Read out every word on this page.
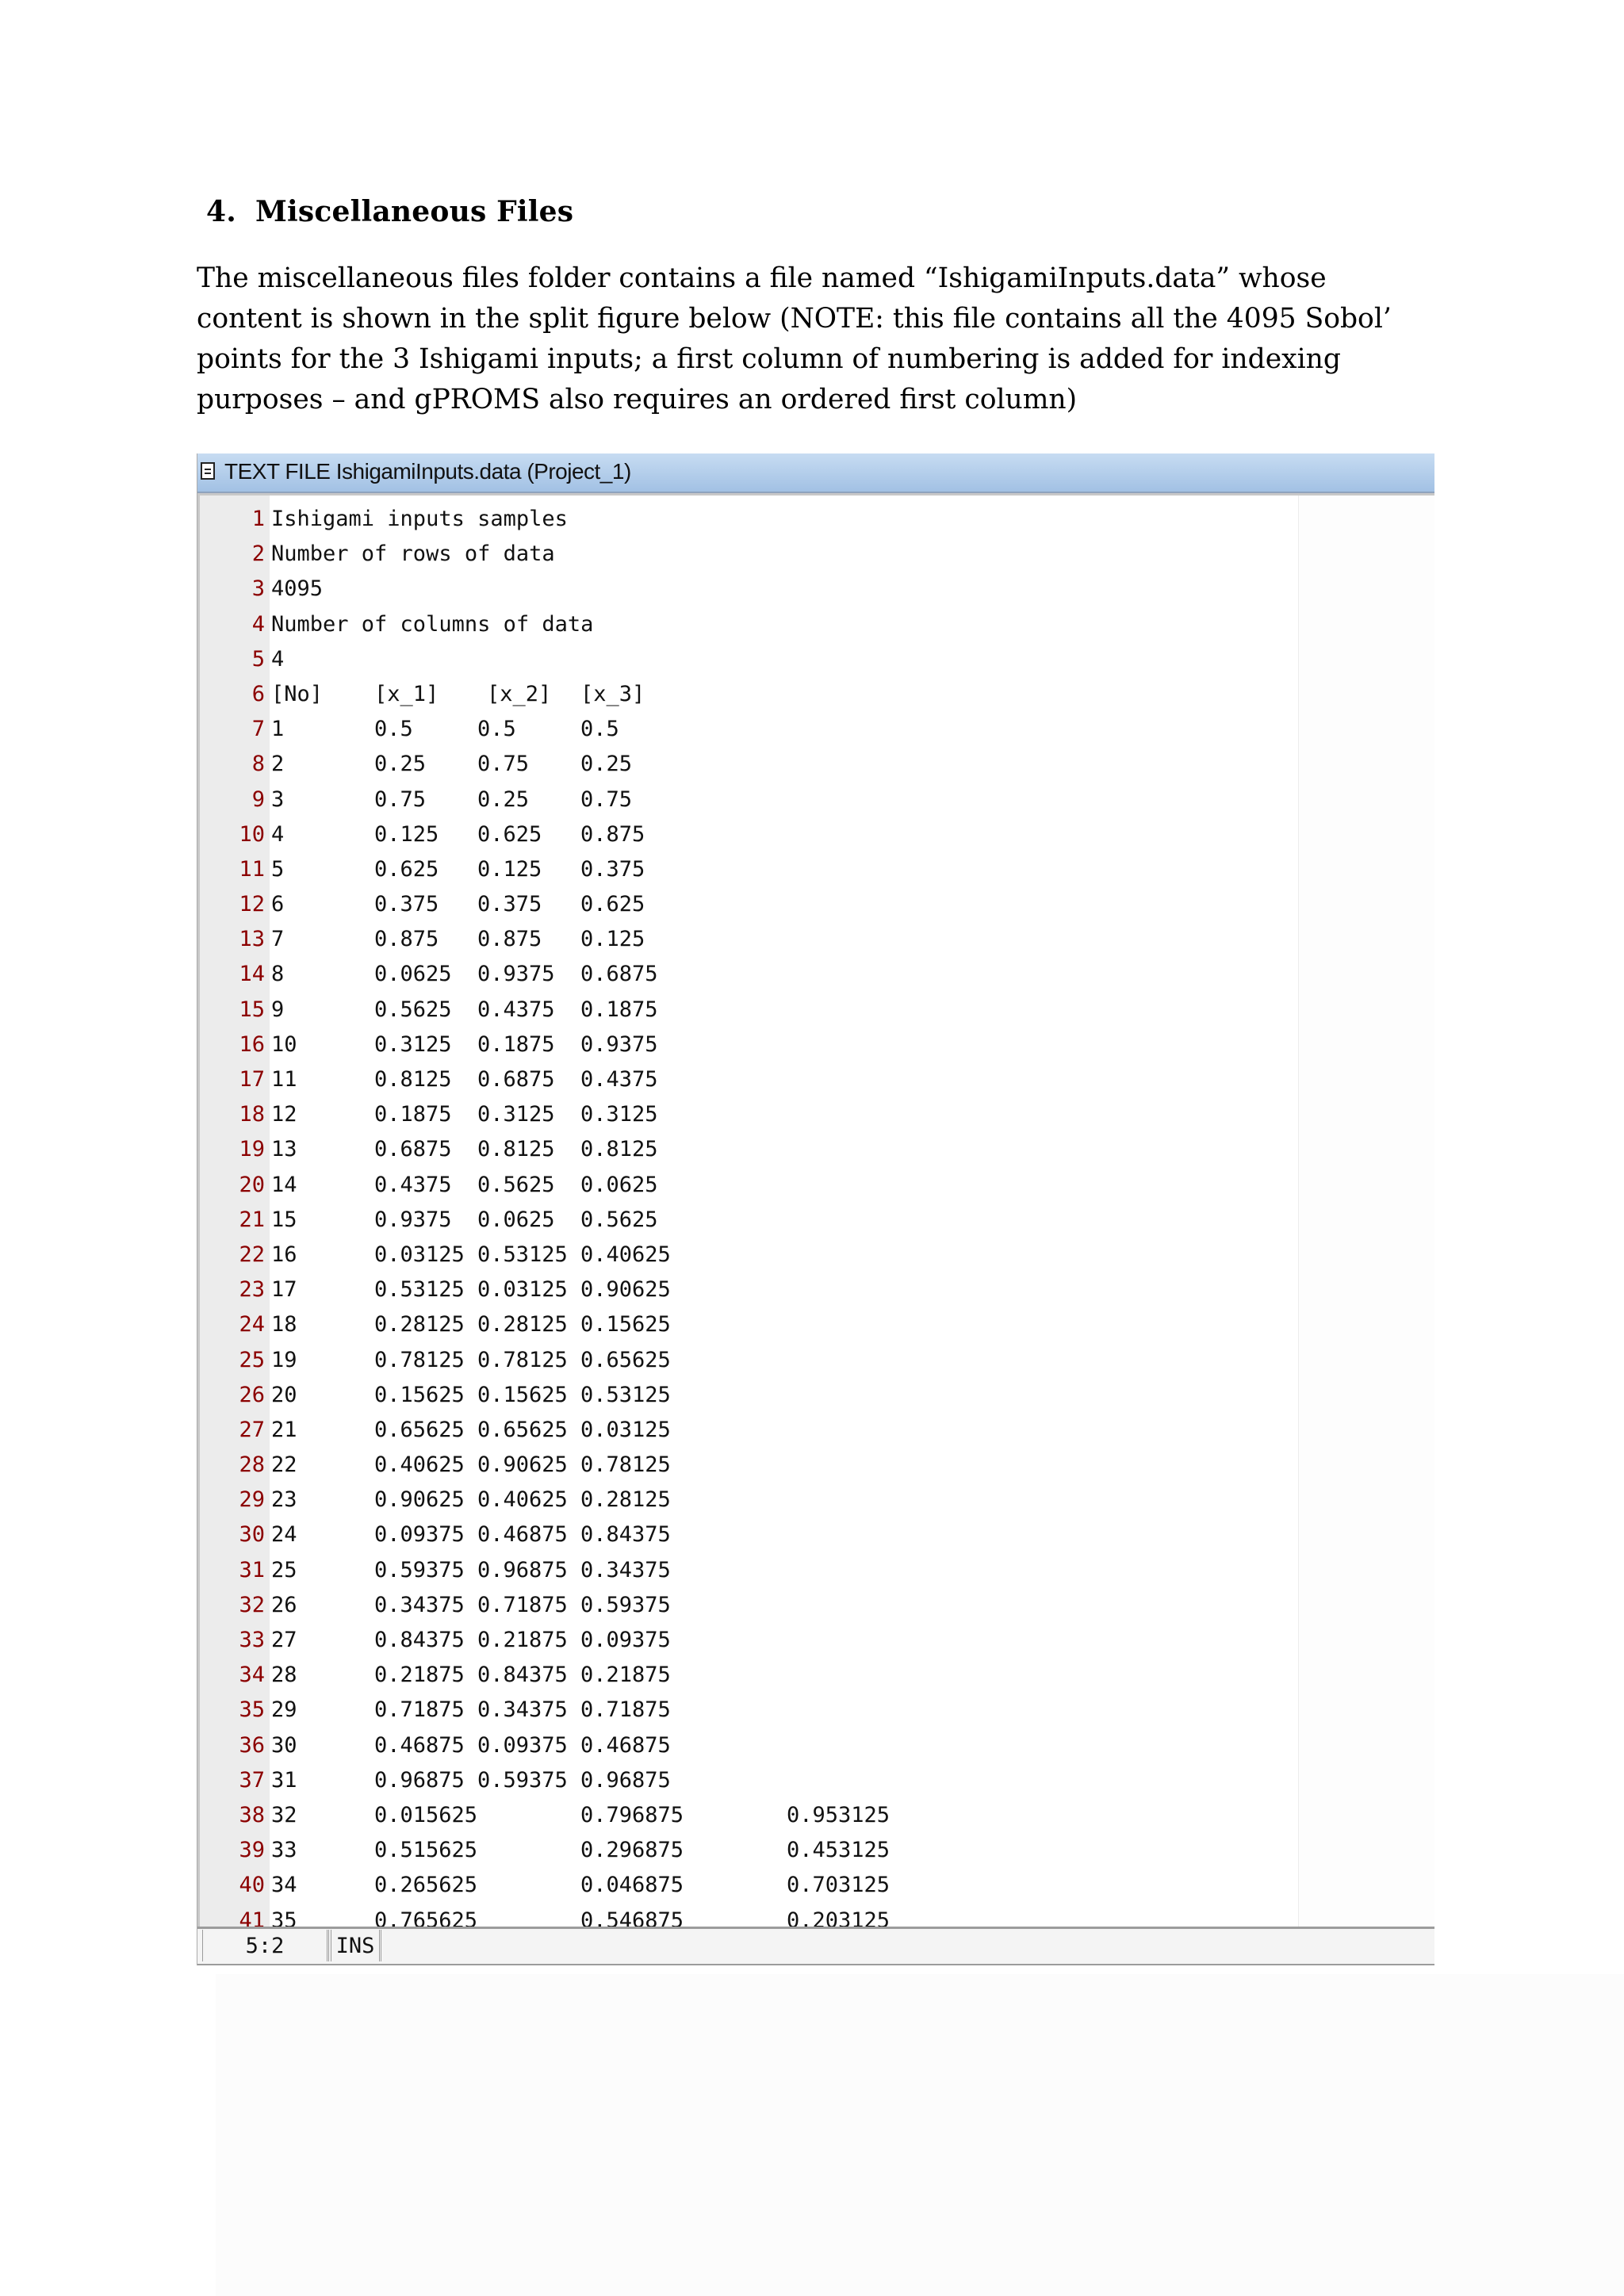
4. Miscellaneous Files

The miscellaneous files folder contains a file named “IshigamiInputs.data” whose content is shown in the split figure below (NOTE: this file contains all the 4095 Sobol’ points for the 3 Ishigami inputs; a first column of numbering is added for indexing purposes – and gPROMS also requires an ordered first column)

TEXT FILE IshigamiInputs.data (Project_1)
1 Ishigami inputs samples
2 Number of rows of data
3 4095
4 Number of columns of data
5 4
6 [No] [x_1] [x_2] [x_3]
7 1	0.5	0.5	0.5
8 2	0.25 0.75 0.25
9 3	0.75 0.25 0.75
10 4	0.125 0.625 0.875
11 5	0.625 0.125 0.375
12 6	0.375 0.375 0.625
13 7	0.875 0.875 0.125
14 8	0.0625 0.9375 0.6875
15 9	0.5625 0.4375 0.1875
16 10	0.3125 0.1875 0.9375
17 11	0.8125 0.6875 0.4375
18 12	0.1875 0.3125 0.3125
19 13	0.6875 0.8125 0.8125
20 14	0.4375 0.5625 0.0625
21 15	0.9375 0.0625 0.5625
22 16	0.03125 0.53125 0.40625
23 17	0.53125 0.03125 0.90625
24 18	0.28125 0.28125 0.15625
25 19	0.78125 0.78125 0.65625
26 20	0.15625 0.15625 0.53125
27 21	0.65625 0.65625 0.03125
28 22	0.40625 0.90625 0.78125
29 23	0.90625 0.40625 0.28125
30 24	0.09375 0.46875 0.84375
31 25	0.59375 0.96875 0.34375
32 26	0.34375 0.71875 0.59375
33 27	0.84375 0.21875 0.09375
34 28	0.21875 0.84375 0.21875
35 29	0.71875 0.34375 0.71875
36 30	0.46875 0.09375 0.46875
37 31	0.96875 0.59375 0.96875
38 32	0.015625	0.796875	0.953125
39 33	0.515625	0.296875	0.453125
40 34	0.265625	0.046875	0.703125
41 35	0.765625	0.546875	0.203125
5:2	INS
